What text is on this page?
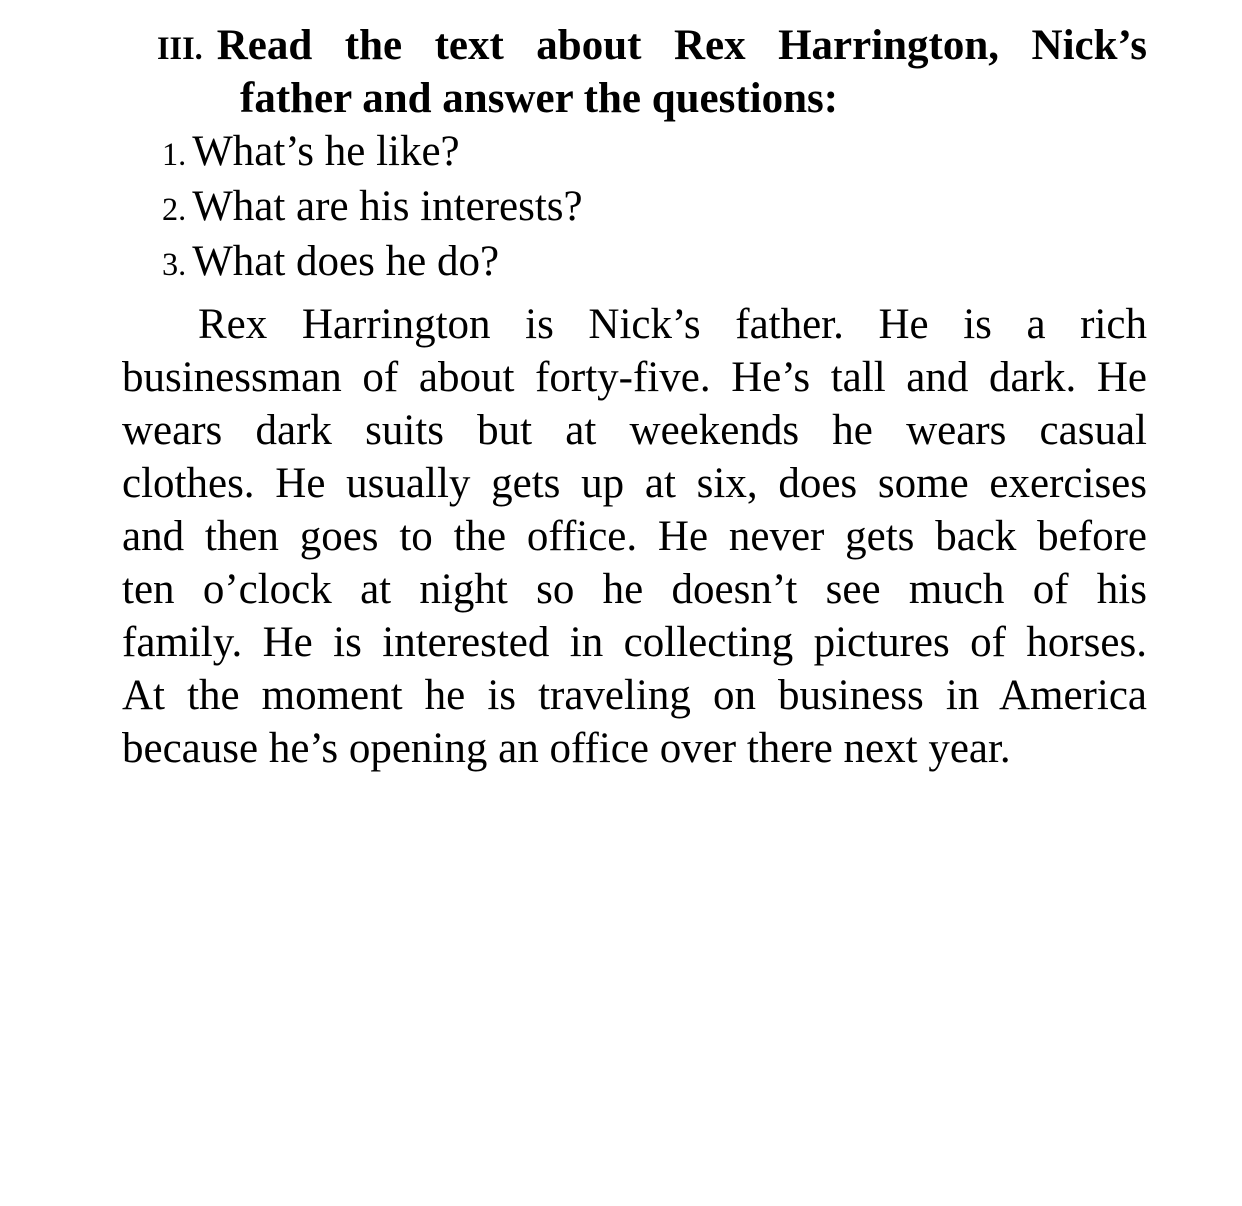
III. Read the text about Rex Harrington, Nick’s
father and answer the questions:
1. What’s he like?
2. What are his interests?
3. What does he do?
Rex Harrington is Nick’s father. He is a rich
businessman of about forty-five. He’s tall and dark. He
wears dark suits but at weekends he wears casual
clothes. He usually gets up at six, does some exercises
and then goes to the office. He never gets back before
ten o’clock at night so he doesn’t see much of his
family. He is interested in collecting pictures of horses.
At the moment he is traveling on business in America
because he’s opening an office over there next year.
